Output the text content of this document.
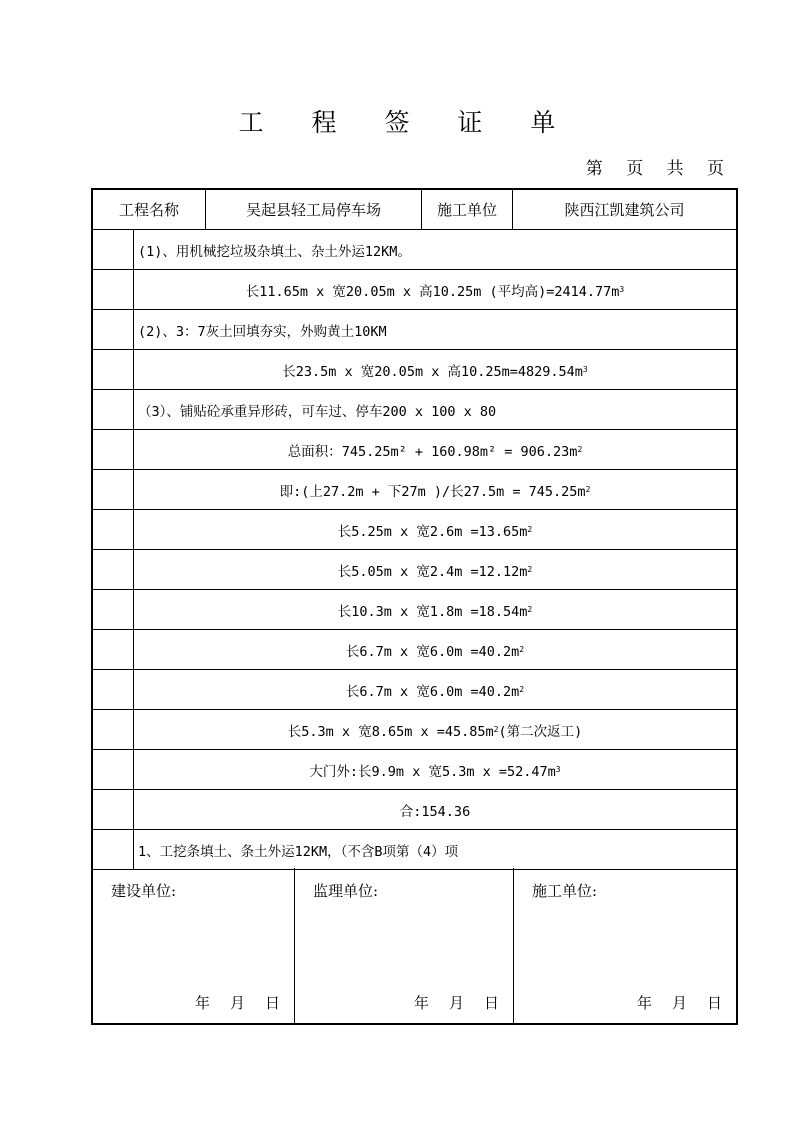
工 程 签 证 单
第 页 共 页
工程名称	吴起县轻工局停车场	施工单位	陕西江凯建筑公司
(1)、用机械挖垃圾杂填土、杂土外运12KM。
长11.65m x 宽20.05m x 高10.25m (平均高)=2414.77m 3
(2)、3：7灰土回填夯实，外购黄土10KM
长23.5m x 宽20.05m x 高10.25m=4829.54m 3
（3）、铺贴砼承重异形砖，可车过、停车200 x 100 x 80
总面积：745.25m² + 160.98m² = 906.23m 2
即:(上27.2m + 下27m )/长27.5m = 745.25m 2
长5.25m x 宽2.6m =13.65m 2
长5.05m x 宽2.4m =12.12m 2
长10.3m x 宽1.8m =18.54m 2
长6.7m x 宽6.0m =40.2m 2
长6.7m x 宽6.0m =40.2m 2
长5.3m x 宽8.65m x =45.85m 2 (第二次返工)
大门外:长9.9m x 宽5.3m x =52.47m 3
合:154.36
1、工挖条填土、条土外运12KM，（不含B项第（4）项
建设单位:
年 月 日
监理单位:
年 月 日
施工单位:
年 月 日
